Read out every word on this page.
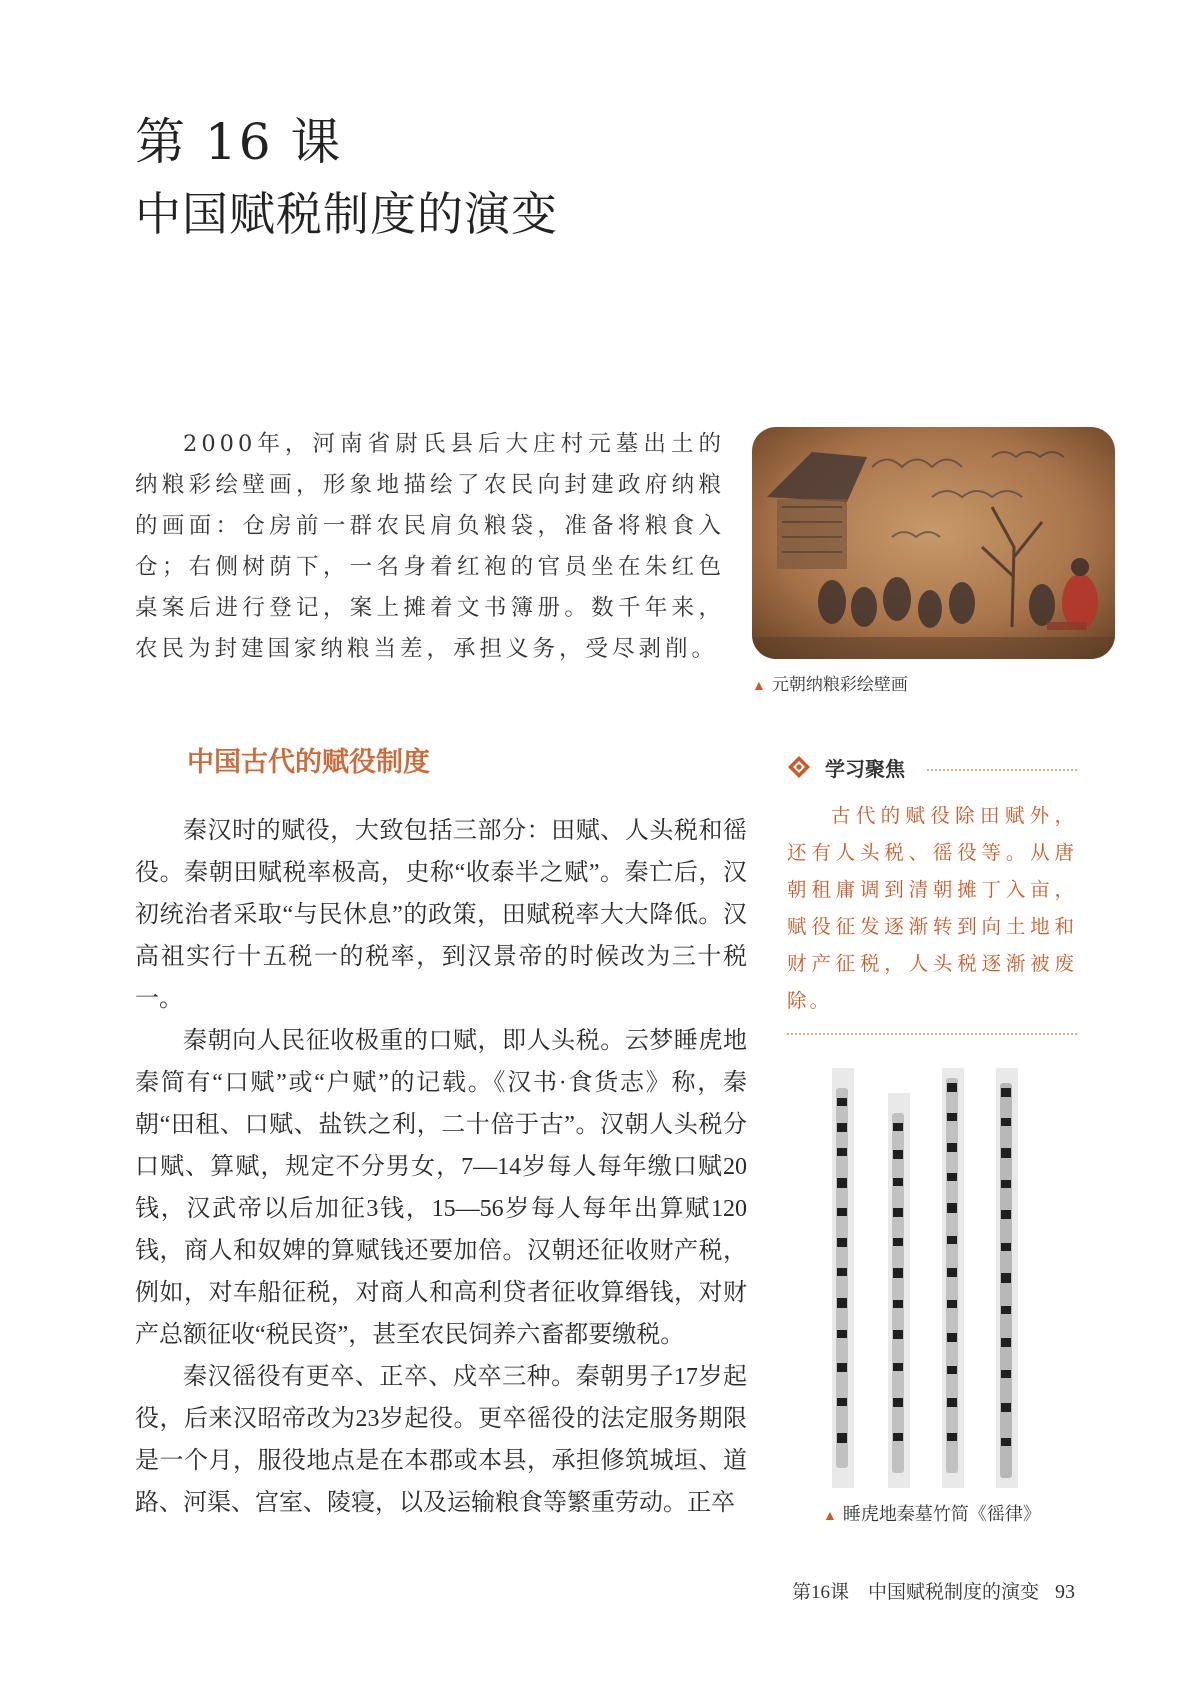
第 16 课
中国赋税制度的演变
2000年，河南省尉氏县后大庄村元墓出土的纳粮彩绘壁画，形象地描绘了农民向封建政府纳粮的画面：仓房前一群农民肩负粮袋，准备将粮食入仓；右侧树荫下，一名身着红袍的官员坐在朱红色桌案后进行登记，案上摊着文书簿册。数千年来，农民为封建国家纳粮当差，承担义务，受尽剥削。
▲ 元朝纳粮彩绘壁画
中国古代的赋役制度

秦汉时的赋役，大致包括三部分：田赋、人头税和徭役。秦朝田赋税率极高，史称“收泰半之赋”。秦亡后，汉初统治者采取“与民休息”的政策，田赋税率大大降低。汉高祖实行十五税一的税率，到汉景帝的时候改为三十税一。

秦朝向人民征收极重的口赋，即人头税。云梦睡虎地秦简有“口赋”或“户赋”的记载。《汉书·食货志》称，秦朝“田租、口赋、盐铁之利，二十倍于古”。汉朝人头税分口赋、算赋，规定不分男女，7—14岁每人每年缴口赋20钱，汉武帝以后加征3钱，15—56岁每人每年出算赋120钱，商人和奴婢的算赋钱还要加倍。汉朝还征收财产税，例如，对车船征税，对商人和高利贷者征收算缗钱，对财产总额征收“税民资”，甚至农民饲养六畜都要缴税。

秦汉徭役有更卒、正卒、戍卒三种。秦朝男子17岁起役，后来汉昭帝改为23岁起役。更卒徭役的法定服务期限是一个月，服役地点是在本郡或本县，承担修筑城垣、道路、河渠、宫室、陵寝，以及运输粮食等繁重劳动。正卒

学习聚焦
古代的赋役除田赋外，还有人头税、徭役等。从唐朝租庸调到清朝摊丁入亩，赋役征发逐渐转到向土地和财产征税，人头税逐渐被废除。
▲ 睡虎地秦墓竹简《徭律》
第16课　中国赋税制度的演变 93
